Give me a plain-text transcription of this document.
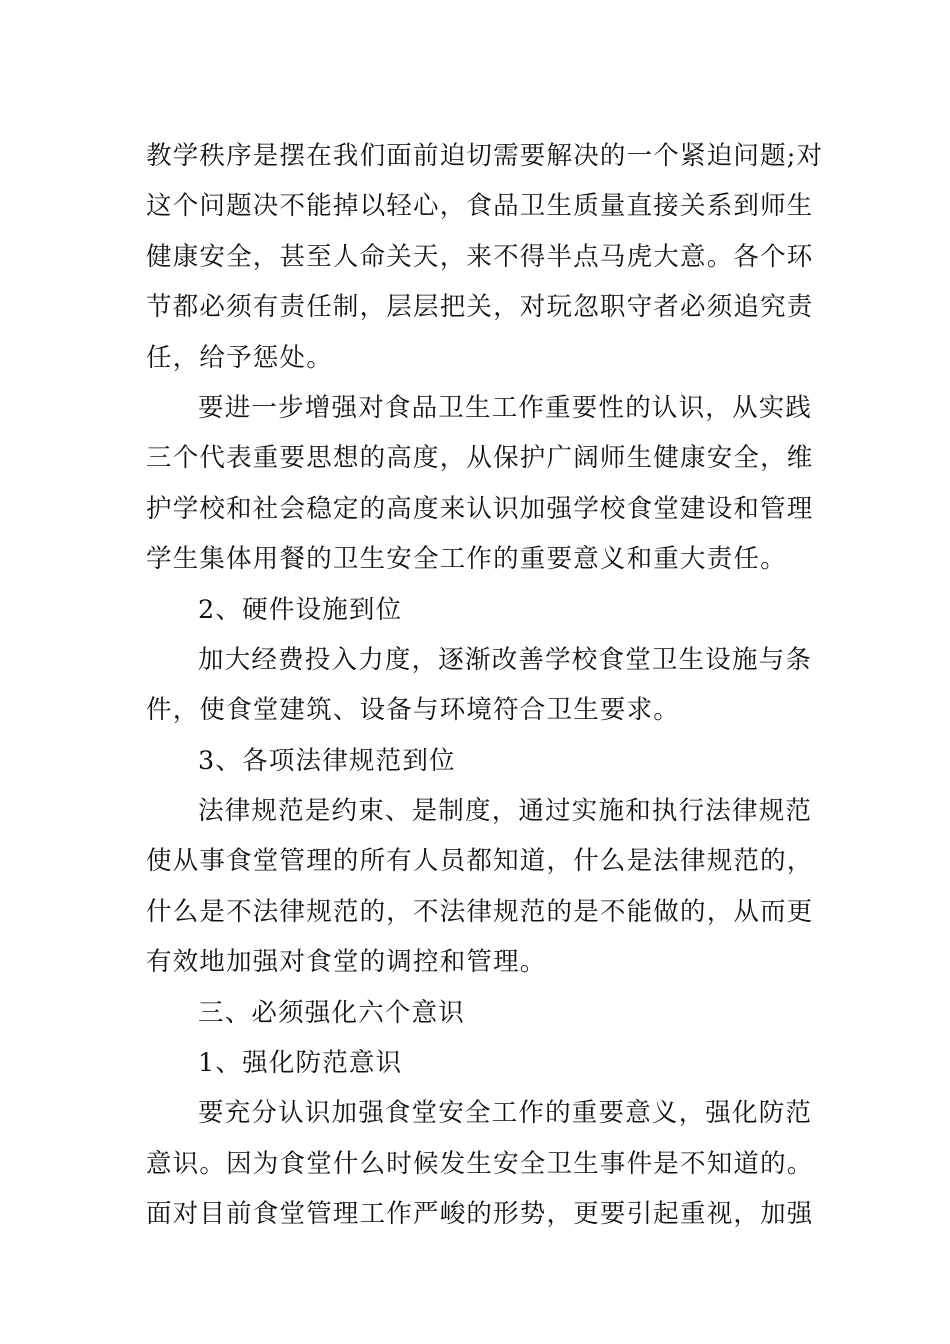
教学秩序是摆在我们面前迫切需要解决的一个紧迫问题;对
这个问题决不能掉以轻心，食品卫生质量直接关系到师生
健康安全，甚至人命关天，来不得半点马虎大意。各个环
节都必须有责任制，层层把关，对玩忽职守者必须追究责
任，给予惩处。
要进一步增强对食品卫生工作重要性的认识，从实践
三个代表重要思想的高度，从保护广阔师生健康安全，维
护学校和社会稳定的高度来认识加强学校食堂建设和管理
学生集体用餐的卫生安全工作的重要意义和重大责任。
2、硬件设施到位
加大经费投入力度，逐渐改善学校食堂卫生设施与条
件，使食堂建筑、设备与环境符合卫生要求。
3、各项法律规范到位
法律规范是约束、是制度，通过实施和执行法律规范
使从事食堂管理的所有人员都知道，什么是法律规范的，
什么是不法律规范的，不法律规范的是不能做的，从而更
有效地加强对食堂的调控和管理。
三、必须强化六个意识
1、强化防范意识
要充分认识加强食堂安全工作的重要意义，强化防范
意识。因为食堂什么时候发生安全卫生事件是不知道的。
面对目前食堂管理工作严峻的形势，更要引起重视，加强
